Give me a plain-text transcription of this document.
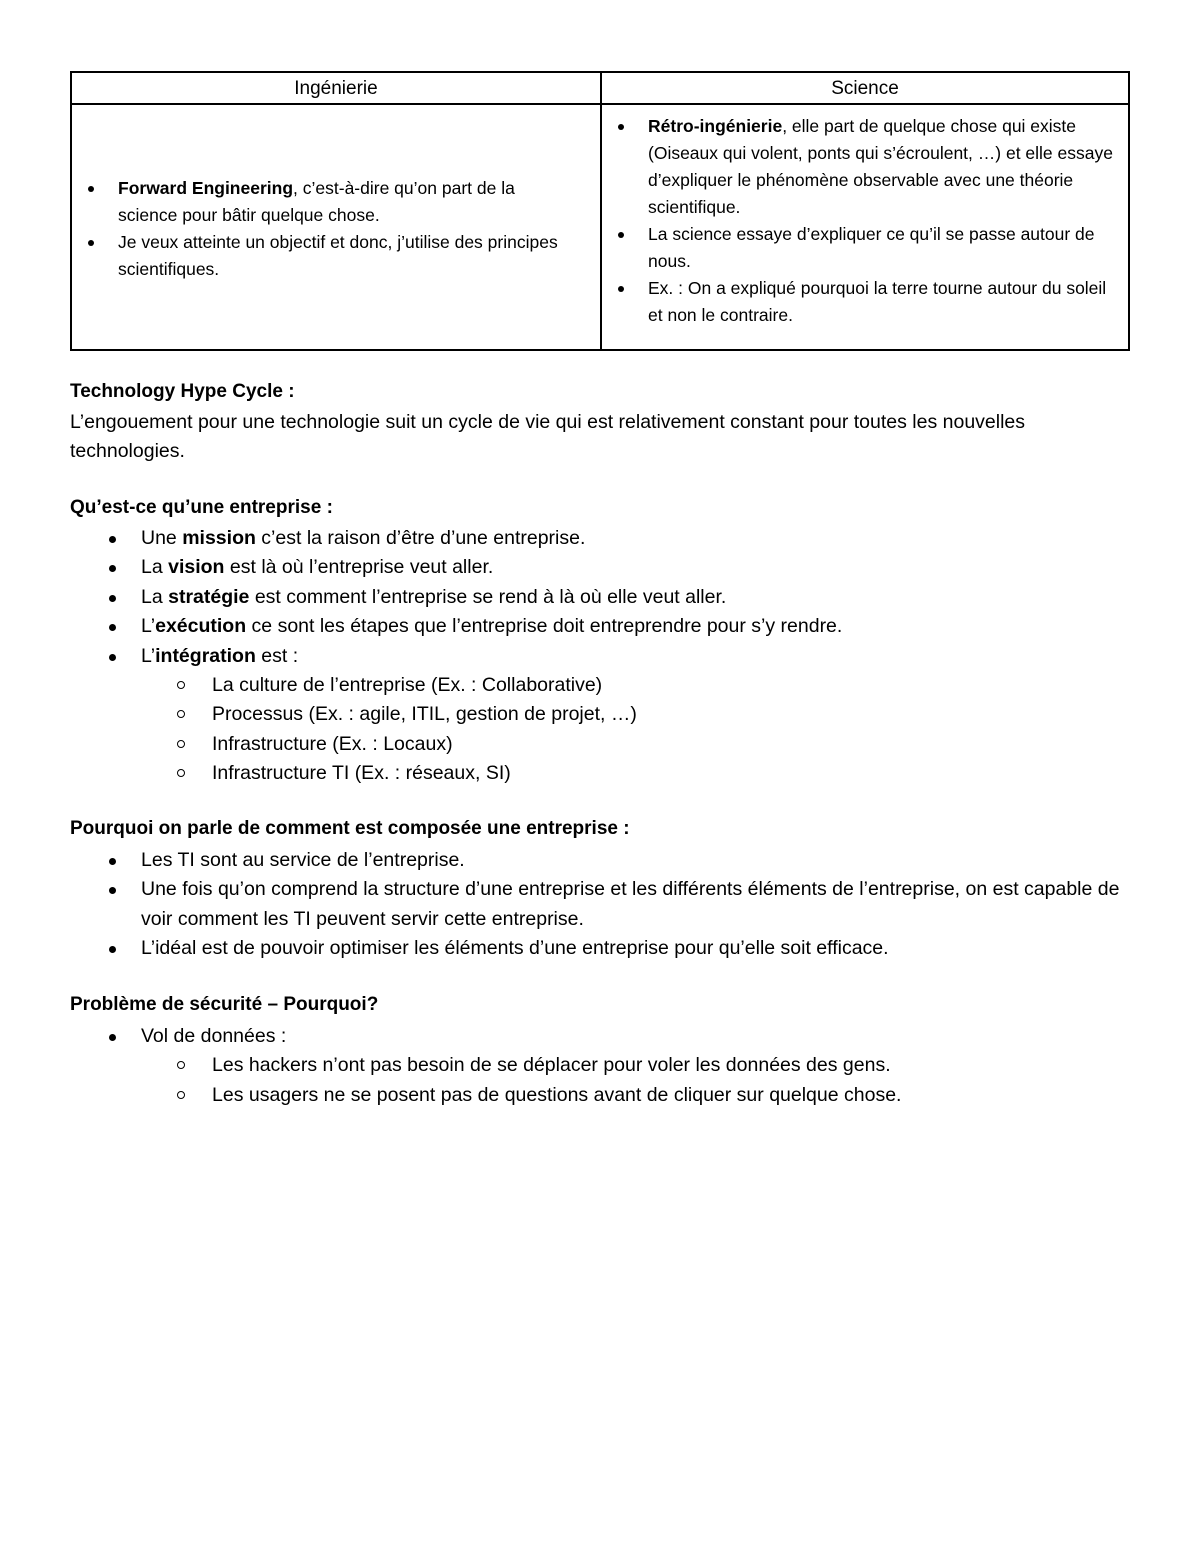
Ingénierie	Science
Forward Engineering, c’est-à-dire qu’on part de la science pour bâtir quelque chose.
Je veux atteinte un objectif et donc, j’utilise des principes scientifiques.
Rétro-ingénierie, elle part de quelque chose qui existe (Oiseaux qui volent, ponts qui s’écroulent, …) et elle essaye d’expliquer le phénomène observable avec une théorie scientifique.
La science essaye d’expliquer ce qu’il se passe autour de nous.
Ex. : On a expliqué pourquoi la terre tourne autour du soleil et non le contraire.
Technology Hype Cycle :

L’engouement pour une technologie suit un cycle de vie qui est relativement constant pour toutes les nouvelles technologies.

Qu’est-ce qu’une entreprise :
Une mission c’est la raison d’être d’une entreprise.
La vision est là où l’entreprise veut aller.
La stratégie est comment l’entreprise se rend à là où elle veut aller.
L’exécution ce sont les étapes que l’entreprise doit entreprendre pour s’y rendre.
L’intégration est :
La culture de l’entreprise (Ex. : Collaborative)
Processus (Ex. : agile, ITIL, gestion de projet, …)
Infrastructure (Ex. : Locaux)
Infrastructure TI (Ex. : réseaux, SI)
Pourquoi on parle de comment est composée une entreprise :
Les TI sont au service de l’entreprise.
Une fois qu’on comprend la structure d’une entreprise et les différents éléments de l’entreprise, on est capable de voir comment les TI peuvent servir cette entreprise.
L’idéal est de pouvoir optimiser les éléments d’une entreprise pour qu’elle soit efficace.
Problème de sécurité – Pourquoi?
Vol de données :
Les hackers n’ont pas besoin de se déplacer pour voler les données des gens.
Les usagers ne se posent pas de questions avant de cliquer sur quelque chose.
